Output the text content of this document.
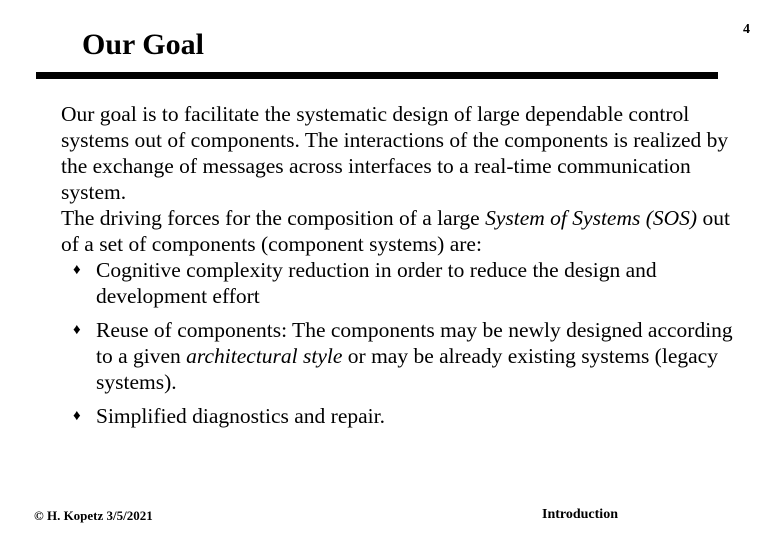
4
Our Goal

Our goal is to facilitate the systematic design of large dependable control systems out of components. The interactions of the components is realized by the exchange of messages across interfaces to a real-time communication system.

The driving forces for the composition of a large System of Systems (SOS) out of a set of components (component systems) are:

♦ Cognitive complexity reduction in order to reduce the design and development effort
♦ Reuse of components: The components may be newly designed according to a given architectural style or may be already existing systems (legacy systems).
♦ Simplified diagnostics and repair.
© H. Kopetz 3/5/2021	Introduction
